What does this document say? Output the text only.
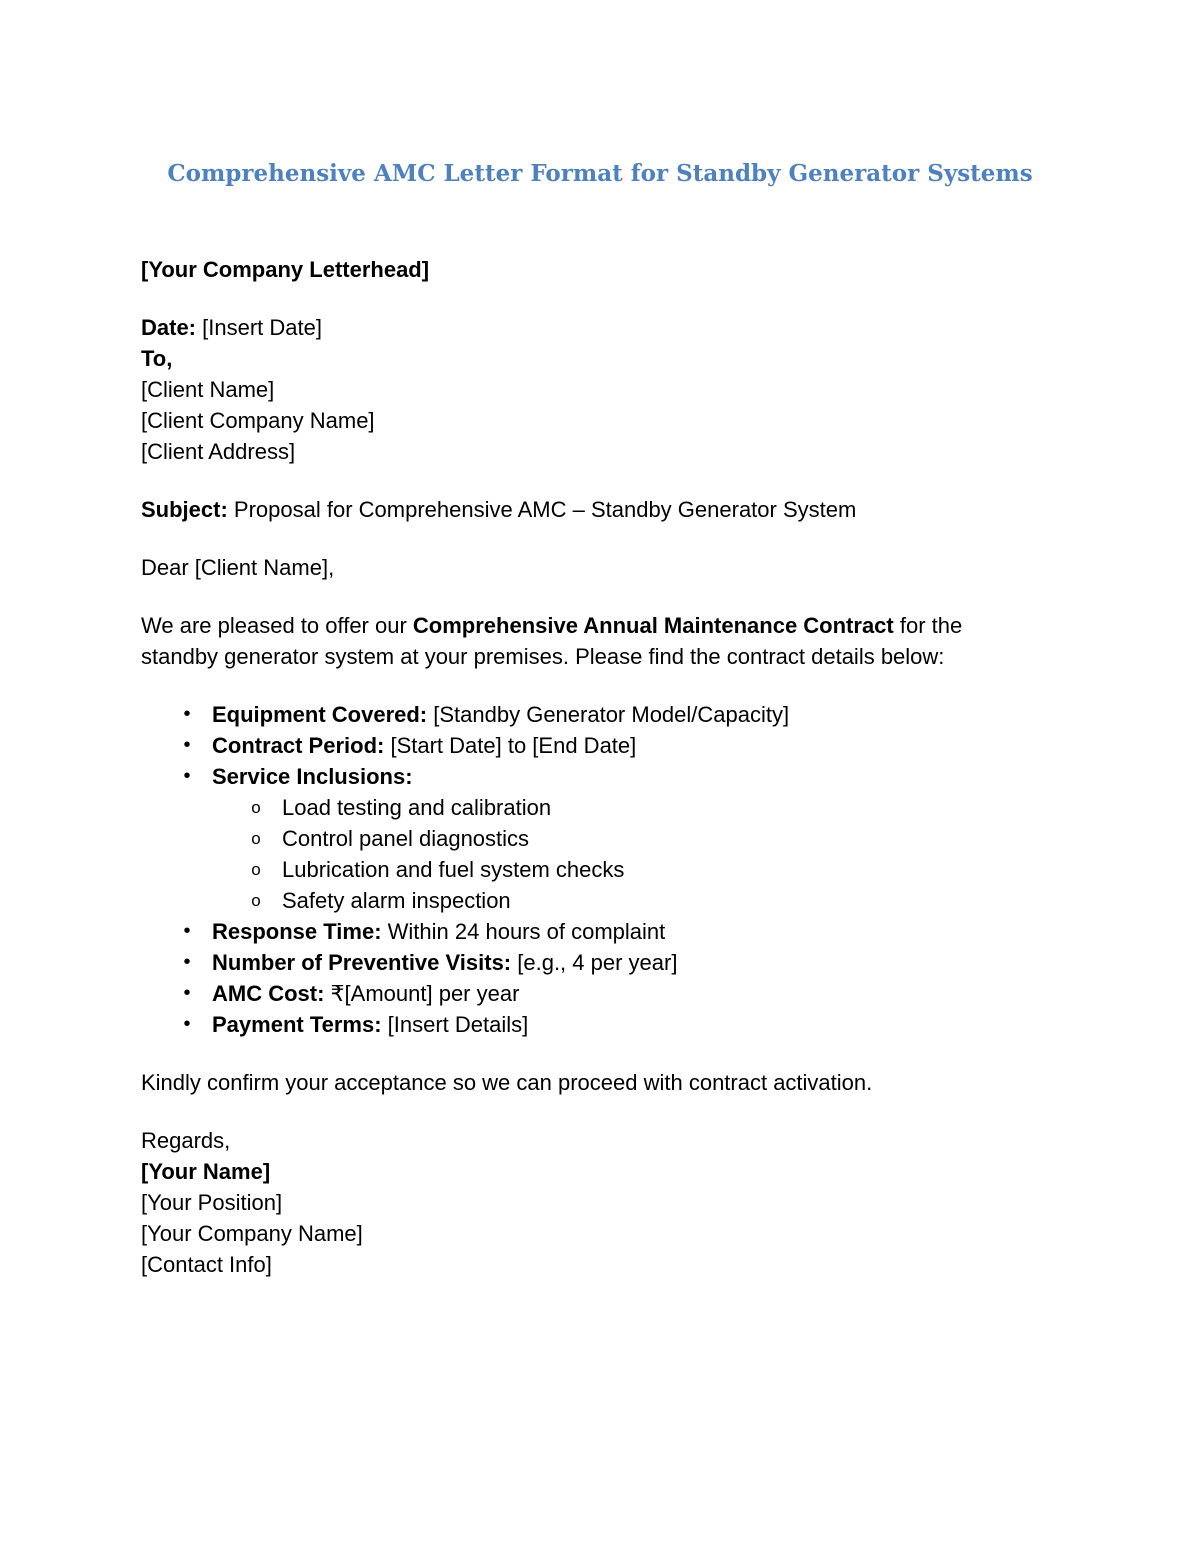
Comprehensive AMC Letter Format for Standby Generator Systems

[Your Company Letterhead]

Date: [Insert Date]

To,

[Client Name]

[Client Company Name]

[Client Address]

Subject: Proposal for Comprehensive AMC – Standby Generator System

Dear [Client Name],

We are pleased to offer our Comprehensive Annual Maintenance Contract for the

standby generator system at your premises. Please find the contract details below:

• Equipment Covered: [Standby Generator Model/Capacity]
• Contract Period: [Start Date] to [End Date]
• Service Inclusions:
o Load testing and calibration
o Control panel diagnostics
o Lubrication and fuel system checks
o Safety alarm inspection
• Response Time: Within 24 hours of complaint
• Number of Preventive Visits: [e.g., 4 per year]
• AMC Cost: ₹[Amount] per year
• Payment Terms: [Insert Details]

Kindly confirm your acceptance so we can proceed with contract activation.

Regards,

[Your Name]

[Your Position]

[Your Company Name]

[Contact Info]
